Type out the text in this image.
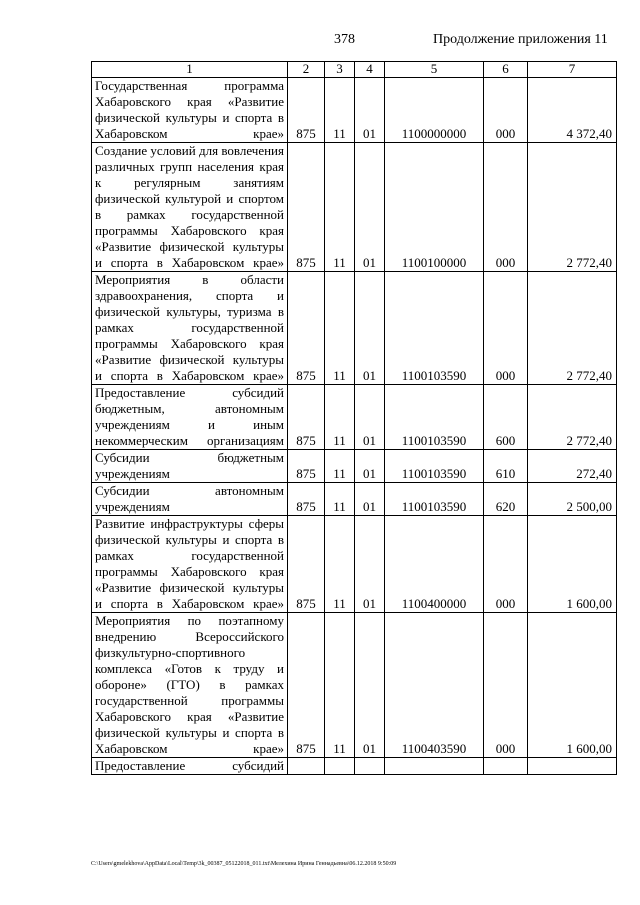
378	Продолжение приложения 11
1	2	3	4	5	6	7
Государственная программа Хабаровского края «Развитие физической культуры и спорта в Хабаровском крае»	875	11	01	1100000000	000	4 372,40
Создание условий для вовлечения различных групп населения края к регулярным занятиям физической культурой и спортом в рамках государственной программы Хабаровского края «Развитие физической культуры и спорта в Хабаровском крае»	875	11	01	1100100000	000	2 772,40
Мероприятия в области здравоохранения, спорта и физической культуры, туризма в рамках государственной программы Хабаровского края «Развитие физической культуры и спорта в Хабаровском крае»	875	11	01	1100103590	000	2 772,40
Предоставление субсидий бюджетным, автономным учреждениям и иным некоммерческим организациям	875	11	01	1100103590	600	2 772,40
Субсидии бюджетным учреждениям	875	11	01	1100103590	610	272,40
Субсидии автономным учреждениям	875	11	01	1100103590	620	2 500,00
Развитие инфраструктуры сферы физической культуры и спорта в рамках государственной программы Хабаровского края «Развитие физической культуры и спорта в Хабаровском крае»	875	11	01	1100400000	000	1 600,00
Мероприятия по поэтапному внедрению Всероссийского физкультурно-спортивного комплекса «Готов к труду и обороне» (ГТО) в рамках государственной программы Хабаровского края «Развитие физической культуры и спорта в Хабаровском крае»	875	11	01	1100403590	000	1 600,00
Предоставление субсидий						
C:\Users\gmelekhova\AppData\Local\Temp\3k_00387_05122018_011.txt\Мелехина Ирина Геннадьевна\06.12.2018 9:50:09
